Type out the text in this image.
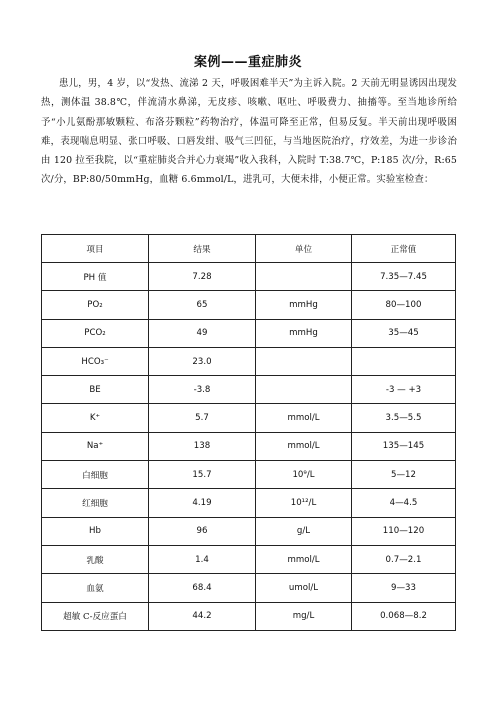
案例——重症肺炎

患儿，男，4 岁，以“发热、流涕 2 天，呼吸困难半天”为主诉入院。2 天前无明显诱因出现发热，测体温 38.8℃，伴流清水鼻涕，无皮疹、咳嗽、呕吐、呼吸费力、抽搐等。至当地诊所给予“小儿氨酚那敏颗粒、布洛芬颗粒”药物治疗，体温可降至正常，但易反复。半天前出现呼吸困难，表现喘息明显、张口呼吸、口唇发绀、吸气三凹征，与当地医院治疗，疗效差，为进一步诊治由 120 拉至我院，以“重症肺炎合并心力衰竭”收入我科，入院时 T:38.7℃，P:185 次/分，R:65 次/分，BP:80/50mmHg，血糖 6.6mmol/L，进乳可，大便未排，小便正常。实验室检查：

项目	结果	单位	正常值
PH 值	7.28		7.35—7.45
PO₂	65	mmHg	80—100
PCO₂	49	mmHg	35—45
HCO₃⁻	23.0		
BE	-3.8		-3 — +3
K⁺	5.7	mmol/L	3.5—5.5
Na⁺	138	mmol/L	135—145
白细胞	15.7	10⁹/L	5—12
红细胞	4.19	10¹²/L	4—4.5
Hb	96	g/L	110—120
乳酸	1.4	mmol/L	0.7—2.1
血氨	68.4	umol/L	9—33
超敏 C-反应蛋白	44.2	mg/L	0.068—8.2
